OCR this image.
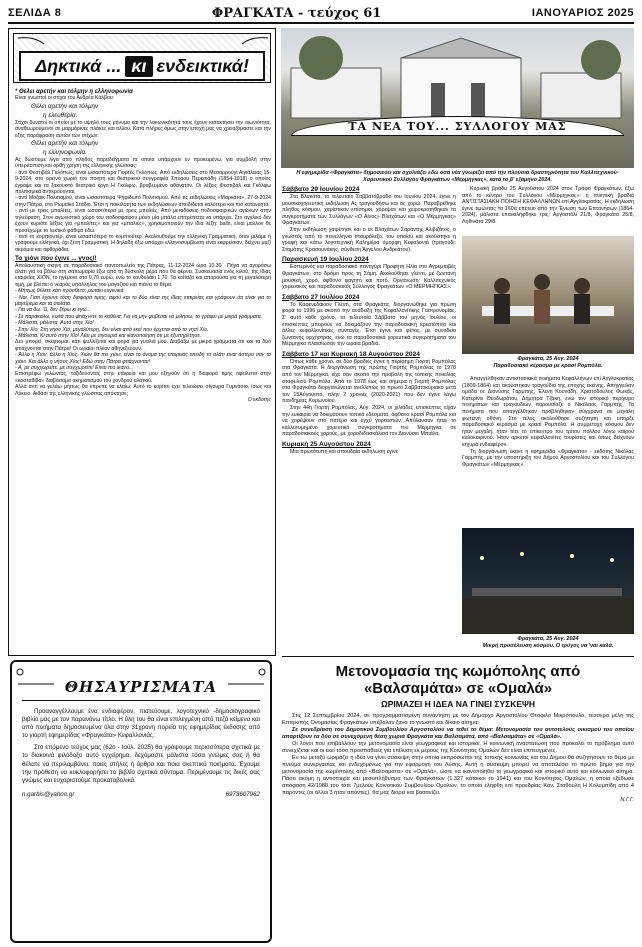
ΣΕΛΙΔΑ 8	ΦΡΑΓΚΑΤΑ - τεύχος 61	ΙΑΝΟΥΑΡΙΟΣ 2025
Δηκτικά ... κι ενδεικτικά!
* Θέλει αρετήν και τόλμην η ελληνοφωνία
Είναι γνωστοί οι στίχοι του Ανδρέα Κάλβου:
Θέλει αρετήν και τόλμην
η ελευθερία.
Στίχοι δυνατοί οι οποίοι με το υψηλό τους μήνυμα και την λακωνικότητά τους έχουν κατακτήσει την αιωνιότητα, αναθεωρούμενοι σε μαρμάρινες πλάκες και αλλού. Κατά πλήρες όμως στην εποχή μας να χρειαζόμαστε και την εξής παράφραση αυτών των στίχων:
Θέλει αρετήν και τόλμην
η ελληνοφωνία.
Ας δώσουμε λίγα από πλήθος παραδείγματα τα οποία υπάρχουν εν προκειμένω, για συμβολή στην υπεράσπιση και ορθή χρήση της ελληνικής γλώσσας:
- αντί Φεστιβάλ Γκλόπως, είναι ωσαστότερα Γιορτές Γκλόπως. Από εκδηλώσεις στο Μεσαρρούγι Αιγιάλειας 15-9-2024, στο ορεινό χωριό του ποιητή και θεατρικού συγγραφέα Σπύρου Περεσιάδη (1854-1918) ο οποίος έγραψε και τα ξακουστό θεατρικό έργο Η Γκόλφω, βραβευμένο αθάνατον. Οι λέξεις Φεστιβάλ και Γκόλφω πολιτισμικά αντικρούονται.
- αντί Μοζαϊκ Πολιτισμού, είναι ωσαστότερα Ψηφιδωτό Πολιτισμού. Από τις εκδηλώσεις «Μαρκάτα», 27-9-2024 στην Πάτρα, στο Ρωμαϊκό Στάδιο. Έτσι η ποικιλότητα των εκδηλώσεων αποδίδεται καλύτερα και πιο κατανοητά.
- αντί με τρεις μπαλίτες, είναι ωσαστότερα με τρεις μπαλιές. Από μεταδόσεις ποδοσφαιρικών αγώνων στην τηλεόραση. Στον αγωνιστικό χώρο του ποδοσφαίρου μόνο μία μπάλα επιτρέπεται να υπάρχει. Στο αγγλικό δεν έχουν κυριότε λέξεις για «μπαλίτες» και για «μπαλιές», χρησιμοποιούν την ίδια λέξη: balls, είναι μάλλον θε προσέχωμε το λεκτικό φάθιμο εδώ.
- αντί το κομπιουτέρ, είναι ωσαστότερα το κομπιούτερ. Ακολουθούμε την ελληνική Γραμματική, όταν μιλάμε ή γράφουμε ελληνικά, όχι ξένη Γραμματική. Η δηλαδή έξω υπάρχει ελληνοσυμβίωση είναι εκφρείσιαν, δείχνει μαζί ακρόμια και αφθοράδια.
Το χιόνι που έγινε ... γνοςί!
Απολαυστική σκηνή σε παραδοσιακό παντοπωλείο της Πάτρας, 11-12-2024 ώρα 10.30΄. Πήγα να αγοράσω αλάτι για να βάλω στη σαπωμαρία έξω από τη δύσκολη μέρα που θα φέρνει. Συσκευασία ενός κιλού, της ίδιας εταιρείας ΧΙΟΝ, το ηγέμονε στο 0,70 ευρώ, ενώ το κονδυλάκι 1,70. Τα κοίταζα και απορούσα για τη μεγαλύτερη τιμή, με βλέπει ο νεαρός υπάλληλος του μαγαζιού και πιάνει το θέμα.
- Μήπως θέλετε κάτι πρόσθετο; ρωτάει ευγενικά.
- Ναι. Γιατί έχουνε τόση διαφορά τιμής, αφού και το δύο είναι της ίδιας εταιρείας και γράφουν ότι είναι για το μαγείρεμα και τα σαλάτα.
- Για να δω. Ώ, δεν ξέρω κι εγώ...
- Σε παρακαλώ, κοιτά που φτιάχνετε το καθένα; Για να μην φοβεσαι να μιλήσω, το γράφει με μικρά γράμματα.
- Μάλιστα, μάλιστα. Αυτό στην Χίο!
- Στην Χίο; Στη νήσο Χίο; μεγαλύτερη, δεν είναι από εκεί που έρχεται από το νησί Χίο.
- Μάλιστα. Κι αυτό στην Χίο! Λέει με σιγουριά και ικανοποίηση ότι με εξυπηρέτησε.
Δεν μπορεί, σκέφτομαι, κάτι ψυλλίζεται και φορά για γυαλιά μου. Διαβάζω με μικρά γράμματα ότι και τα δύο φτιάχνονται στην Πάτρα! Οι ωραίοι πλέον αθηνεξεύουν.
- Άλλο η Χιόν, άλλο η Χίος. Χιών θα πει χιόνι, είναι το όνομα της εταιρείας επειδή το αλάτι είναι άσπρο σαν το χιόνι. Και άλλο η νήσος Χίος! Εδώ στην Πάτρα φτιάχνονται!
- Α, με συγχωρείτε, με συγχωρείτε! Είναι πιο ικανό...
Επιστρέφω γελώντας, ταξιδεύοντας στην εταιρεία και μου εξηγούν ότι η διαφορά τιμής οφείλεται στην «κοσταθίβα» διαβάσαμα ακηματισμού του χονδρού αλατιού.
Αλλά αντί να γελάω μήπως θα έπρεπε να κλαίω; Αυτό το κορίτσι έχει τελειώσει σίγουρα Γυμνάσιο, ίσως και Λύκειο. Αιθάσι της ελληνικής γλώσσας απόκτησε;
Ο εκδότης
ΘΗΣΑΥΡΙΣΜΑΤΑ
Προαναγγέλλουμε ένα ενδιαφέρον, πιστεύουμε, λογοτεχνικό -δημοσιογραφικό βιβλίο μας με τον παρανόνω τίτλο. Η ύλη του θα είναι επιλεγμένη από πεζά κείμενα και από ποιήματα δημοσιευμένα όλα στην 31χρονη πορεία της εφημερίδας έκδοσης από το γιορτή εφημερίδας «Φραγκάτα» Κεφαλλονιάς.
Στο επόμενο τεύχος μας (62ο - Ιούλ. 2025) θα γράψουμε περισσότερα σχετικά με το διακοινά φιλόδοξο αυτό εγχείρημα, δεχόμαστε μάλιστα τόσα γνώμες σας ή θα θέλατε να περιλαμβάνει, ποιες στήλες ή άρθρα και ποια σκεπτικά ποιήματα. Έχουμε την πρόθεση να κυκλοφορήσει το βιβλίο σχετικά σύντομα. Περιμένουμε τις δικές σας γνώμες και ευχαριστούμε προκαταβολικά.
n.garbis@yahoo.gr	6973607962
ΤΑ ΝΕΑ ΤΟΥ... ΣΥΛΛΟΓΟΥ ΜΑΣ
Η εφημερίδα «Φραγκάτα» δημοσιεύει και σχολιάζει εδώ όσα νέα γνωρίζει από την πλούσια δραστηριότητα του Καλλιτεχνικού-Χορευτικού Συλλόγου Φραγκάτων «Μέρμηγκας», κατά το β' εξάμηνο 2024.
Σάββατο 29 Ιουνίου 2024
Στα Βλακάτα, το τελευταίο Σαββατόβραδο του Ιουνίου 2024, έγινε η μουσικοχορευτική εκδήλωση Ας τραγουδήσω και ας χορώ. Παραβρέθηκε πλήθος κόσμου, χαρίστικαν επίσημοι, χόρεψαν και χειροκροτήθηκαν τα συγκροτήματα των Συλλόγων «Ο Αίνος» Βλαχάτων και «Ο Μέρμηγκας» Φραγκάτων.
Στην εκδήλωση χαιρέτησε και ο εκ Βλαχάτων Σαράντης Αλιβιζάτος, ο γνωστός από το πανελλήνιο σταυρόλεξο, του οποίου και ακούστηκε η γραφή και κάτω λογοτεχνική Καλημέρα όμορφη Κεφαλονιά (τραγούδι: Σταμάτης Κρασουνάκης, σύνθεση Άγγελου Ανδρεάτου).
Παρασκευή 19 Ιουλίου 2024
Εσπερινός και παραδοσιακό πανηγύρι Προφήτη Ηλία στο Αγρεμπιβές Φραγκάτων, στο δρόμο προς τη Σάμη. Ακολούθησε γλέντι, με ζωντανή μουσική, χορό, άφθονο φαγητό και ποτό. Οργάνωση: Καλλιτεχνικός χορευτικός και παραδοσιακός Σύλλογος Φραγκάτων «Ο ΜΕΡΜΗΓΚΑΣ».
Σάββατο 27 Ιουλίου 2024
Το Καφενεδάκιον Γλέντι, στα Φραγκάτα, διοργανώθηκε για πρώτη φορά το 1996 με σκοπό την ανάδειξη της Κεφαλλονίτικης Γαστρονομίας. Σ' αυτό κάθε χρόνο, τα τελευταία Σάββατο του μηνός Ιουλίου, οι επισκέπτες μπορούν να δοκιμάζουν την παραδοσιακή κρεατόπιτα και άλλες κεφαλλονίτικες συνταγές. Έτσι έγινε και φέτος, με συνοδεία ζωντανής ορχήστρας, ενώ τα παραδοσιακά χορευτικά συγκροτήματα του Μέρμηγκα πλαισίωσαν την ωραία βραδιά.
Σάββατο 17 και Κυριακή 18 Αυγούστου 2024
Όπως κάθε χρόνο, σε δύο βραδιές έγινε η περίφημη Γιορτή Ρομπόλας στα Φραγκάτα. Η διοργάνωση της πρώτης Γιορτής Ρομπόλας το 1978 από τον Μέρμηγκα, είχε σαν σκοπό την προβολή της τοπικής ποικιλίας σταφυλιού Ρομπόλα. Από το 1978 έως και σήμερα η Γιορτή Ρομπόλας στα Φραγκάτα διοργανώνεται ανελλιπώς το πρώτο Σαββατοκύριακο μετά τον 15Αύγουστο, πλην 2 χρονιές (2020-2021) που δεν έγινε λόγω πανδημίας Κορωνοϊού.
Στην 44η Γιορτή Ρομπόλας, Αύγ. 2024, οι χιλιάδες επισκέπτες είχαν την ευκαιρία να δοκιμάσουν τοπικά εδέσματα, άφθονο κρασί Ρομπόλα και να χορέψουν στο πατέρο και εγχύ γορταστών. Απόλαυσαν ήταν το καλλοτυμημένο χορευτικό συγκροτήματα του Μέρμηγκα σε παραδοσιακούς χορούς, με χοροδιδασκάλισα τον Διονύσιο Μπιάλα.
Κυριακή 25 Αυγούστου 2024
Μια πρωτότυπη και σπουδαία εκδήλωση έγινε
Κυριακή βράδυ 25 Αυγούστου 2024 στον Τράφο Φραγκάτων, έξω από το κέντρο του Συλλόγου «Μέρμηγκας»: η ποιητική βραδιά ΑΝΤΙΣΤΑΣΙΑΚΗ ΠΟΙΗΣΗ ΚΕΦΑΛΛΗΝΩΝ επί Αγγλοκρατίας. Η εκδήλωση έγινε τιμώντας τα 160α επέτειο από την Ένωση των Επτανήσων (1864-2024), μάλιστα επαναλήφθηκε τρις: Αργοστόλι 21/8, Φραγκάτα 25/8, Ληθινάτα 29/8.
Φραγκάτα, 25 Αυγ. 2024
Παραδοσιακό κέρασμα με κρασί Ρομπόλα.
Απαγγέλθηκαν αντιστασιακά ποιήματα Κεφαλλήνων επί Αγγλοκρατίας (1809-1864) και ακούστηκαν τραγούδια της εποχής εκείνης. Απήγγειλαν ομάδα οι: Διονύσης Γαρμπής, Έλενη Κουνάδη, Χριστόδουλος Φωκάς, Κατερίνα Θεοδωράτου, Δήμητρα Τζάκη, ενώ τον ιστορικό περίγυρο ποιημάτων και τραγουδιών παρουσίαζε ο Νικόλαος Γαρμπής. Τα ποιήματα που απαγγέλθηκαν προβλήθηκαν σύγχρονα σε μεγάλη φωτεινή οθόνη. Στο τέλος ακολούθησε συζήτηση και υπήρξε παραδοσιακό κέρασμα με κρασί Ρομπόλα. Η συμμετοχή κόσμου δεν ήταν μεγάλη, ήταν τέτε το επίκεντρο του τρίτου πολλού λόγω καιρού καλοκαιρινού. Ήταν αρκετοί κεφαλλονίτες τουρίστες και όπως δείχνουν ισχυρά ενδιαφέρον.
Τη διοργάνωση έκανε η εφημερίδα «Φραγκάτα» - εκδότης Νικόλας Γαρμπής, με την υποστήριξη του Δήμου Αργοστολίου και του Συλλόγου Φραγκάτων «Μέρμηγκας».
Φραγκάτα, 25 Αυγ. 2024
Μικρή προσέλευση κόσμου. Ο τρύγος να 'ναι καλά.
Μετονομασία της κωμόπολης από
«Βαλσαμάτα» σε «Ομαλά»
ΩΡΙΜΑΖΕΙ Η ΙΔΕΑ ΝΑ ΓΙΝΕΙ ΣΥΣΚΕΨΗ
Στις 12 Σεπτεμβρίου 2024, σε προγραμματισμένη συνάντηση με τον Δήμαρχο Αργοστολίου Θεόφιλο Μικρόπουλο, τέσσερα μέλη της Επιτροπής Ονομασίας Φραγκάτων υπέβαλαν ξανά το γνωστό και δίκαιο αίτημα:
Σε συνεδρίαση του Δημοτικού Συμβουλίου Αργοστολίου να τεθεί το θέμα: Μετονομασία του αυτοτελούς οικισμού του οποίου απαρτίζουν τα δύο σε συνεχόμενη θέση χωριά Φραγκάτα και Βαλσαμάτα, από «Βαλσαμάτα» σε «Ομαλά».
Οι λόγοι που επιβάλλουν την μετονομασία είναι γεωγραφικοί και ιστορικοί. Η κοινωνική αναστάτωση που προκαλεί το πρόβλημα αυτό συνεχίζεται και οι εκεί τόσο προσπάθειες για επίλυση εκ μέρους της Κοινότητας Ομαλών δεν είναι επιτευγμένες.
Εν τω μεταξύ ωριμάζει η ιδέα να γίνει σύσκεψη στην οποία εκπρόσωποι της τοπικής κοινωνίας και του Δήμου θα συζητήσουν το θέμα με πνεύμα συνεργασίας και ενδεχομένως για την εφαρμογή του Λύσης. Αυτή η σύσκεψη μπορεί να αποτελέσει το πρώτο βήμα για την μετονομασία της κωμόπολης από «Βαλσαμάτα» σε «Ομαλά», ώστε να ικανοποιηθεί το γεωγραφικό και ιστορικό αυτό και κοινωνικό αίτημα. Πάσο ακόμη η αντιστοιχία και μεσοπλήθυσμα των Φραγκάτων (1.327 κάτοικοι το 1941) και του Κοινότητος Ομαλών, η οποία εξέδωσε απόφαση 42/1980 του τότε 7μελούς Κοινοτικού Συμβουλίου Ομαλών, το οποίο ελήφθη επί προεδρίας Καν. Σταθούλη Η Κολυμπίδη από 4 παρόντες (οι άλλοι 3 ήταν απόντες), θα μας διορεί και βασανίζει.
Ν.Γ.Γ.
